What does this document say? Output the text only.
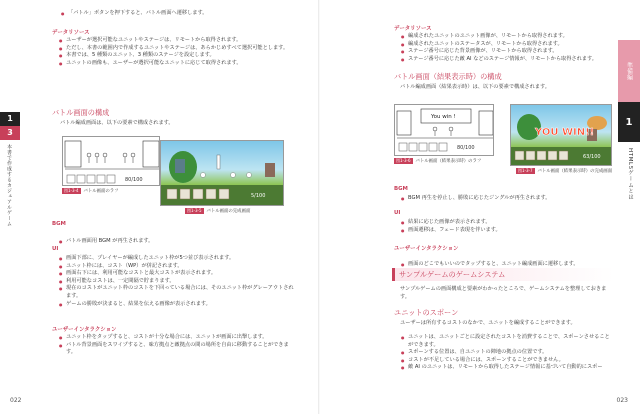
● 「バトル」ボタンを押下すると、バトル画面へ遷移します。
データリソース
● ユーザーが選択可能なユニットやステージは、リモートから取得されます。
● ただし、本書の範囲内で作成するユニットやステージは、あらかじめすべて選択可能とします。
● 本書では、5 種類のユニット、3 種類のステージを設定します。
● ユニットの画像も、ユーザーが選択可能なユニットに応じて取得されます。
バトル画面の構成
バトル編成画面は、以下の要素で構成されます。
80/100
図1-3-4	バトル画面のラフ
5/100
図1-3-5	バトル画面の完成画面
BGM
● バトル画面用 BGM が再生されます。
UI
● 画面下部に、プレイヤーが編成したユニット枠が5つ並び表示されます。
● ユニット枠には、コスト（WP）が併記されます。
● 画面右下には、利用可能なコストと最大コストが表示されます。
● 利用可能なコストは、一定間隔で貯まります。
● 現在のコストがユニット枠のコストを下回っている場合には、そのユニット枠がグレーアウトされます。
● ゲームの勝敗が決まると、結果を伝える画像が表示されます。
ユーザーインタラクション
● ユニット枠をタップすると、コストが十分な場合には、ユニットが画面に出撃します。
● バトル背景画面をスワイプすると、味方拠点と敵拠点の間の場所を自由に移動することができます。
1
3
本書で作成するカジュアルゲーム
022
データリソース
● 編成されたユニットのユニット画像が、リモートから取得されます。
● 編成されたユニットのステータスが、リモートから取得されます。
● ステージ番号に応じた背景画像が、リモートから取得されます。
● ステージ番号に応じた敵 AI などのステージ情報が、リモートから取得されます。
バトル画面（結果表示時）の構成
バトル編成画面（結果表示時）は、以下の要素で構成されます。
You win !
80/100
図1-3-6	バトル画面（結果表示時）のラフ
YOU WIN!!
63/100
図1-3-7	バトル画面（結果表示時）の完成画面
BGM
● BGM 再生を停止し、勝敗に応じたジングルが再生されます。
UI
● 結果に応じた画像が表示されます。
● 画面遷移は、フェード表現を伴います。
ユーザーインタラクション
● 画面のどこでもいいのでタップすると、ユニット編成画面に遷移します。
サンプルゲームのゲームシステム
サンプルゲームの画面構成と要素がわかったところで、ゲームシステムを整理しておきます。
ユニットのスポーン
ユーザーは所有するコストのなかで、ユニットを編成することができます。
● ユニットは、ユニットごとに設定されたコストを消費することで、スポーンさせることができます。
● スポーンする位置は、自ユニットの陣地の拠点の位置です。
● コストが不足している場合には、スポーンすることができません。
● 敵 AI のユニットは、リモートから取得したステージ情報に基づいて自動的にスポー
準備編
1
HTML5ゲームとは
023
